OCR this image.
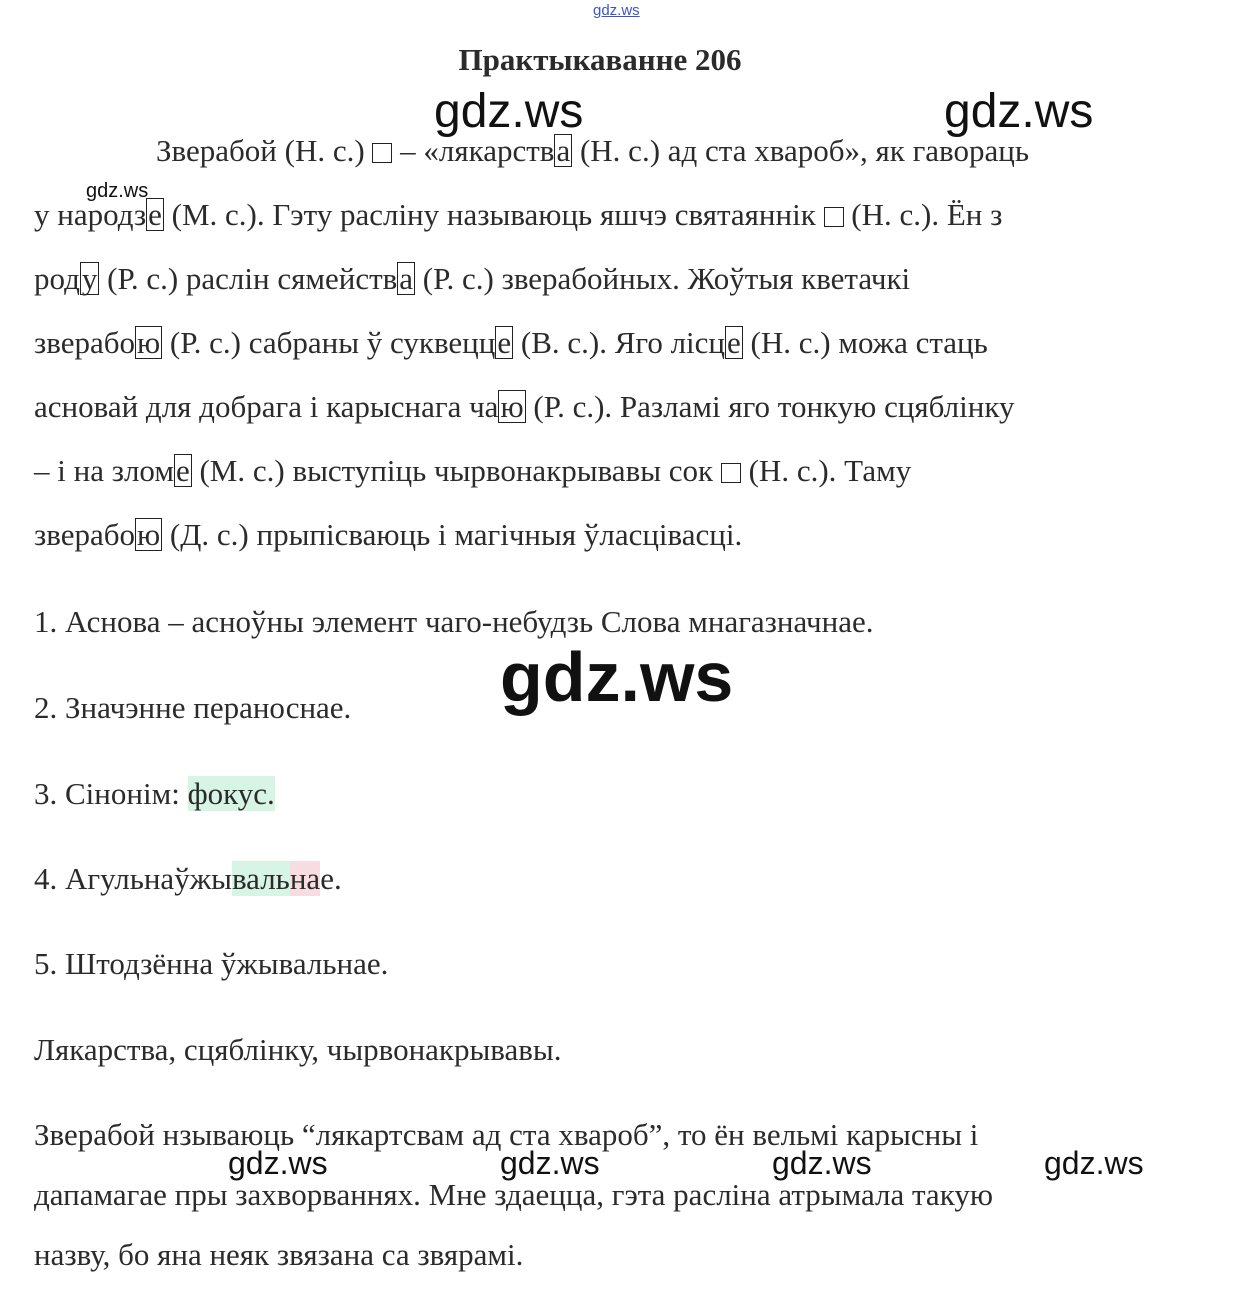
gdz.ws
Практыкаванне 206
gdz.ws	gdz.ws
gdz.ws
Зверабой (Н. с.)  – «лякарства (Н. с.) ад ста хвароб», як гавораць
у народзе (М. с.). Гэту расліну называюць яшчэ святаяннік  (Н. с.). Ён з
роду (Р. с.) раслін сямейства (Р. с.) зверабойных. Жоўтыя кветачкі
зверабою (Р. с.) сабраны ў суквецце (В. с.). Яго лісце (Н. с.) можа стаць
асновай для добрага і карыснага чаю (Р. с.). Разламі яго тонкую сцяблінку
– і на зломе (М. с.) выступіць чырвонакрывавы сок  (Н. с.). Таму
зверабою (Д. с.) прыпісваюць і магічныя ўласцівасці.
1. Аснова – асноўны элемент чаго-небудзь Слова мнагазначнае.
gdz.ws
2. Значэнне пераноснае.
3. Сінонім: фокус.
4. Агульнаўжывальнае.
5. Штодзённа ўжывальнае.
Лякарства, сцяблінку, чырвонакрывавы.
Зверабой нзываюць “лякартсвам ад ста хвароб”, то ён вельмі карысны і
gdz.ws	gdz.ws	gdz.ws	gdz.ws
дапамагае пры захворваннях. Мне здаецца, гэта расліна атрымала такую
назву, бо яна неяк звязана са звярамі.
